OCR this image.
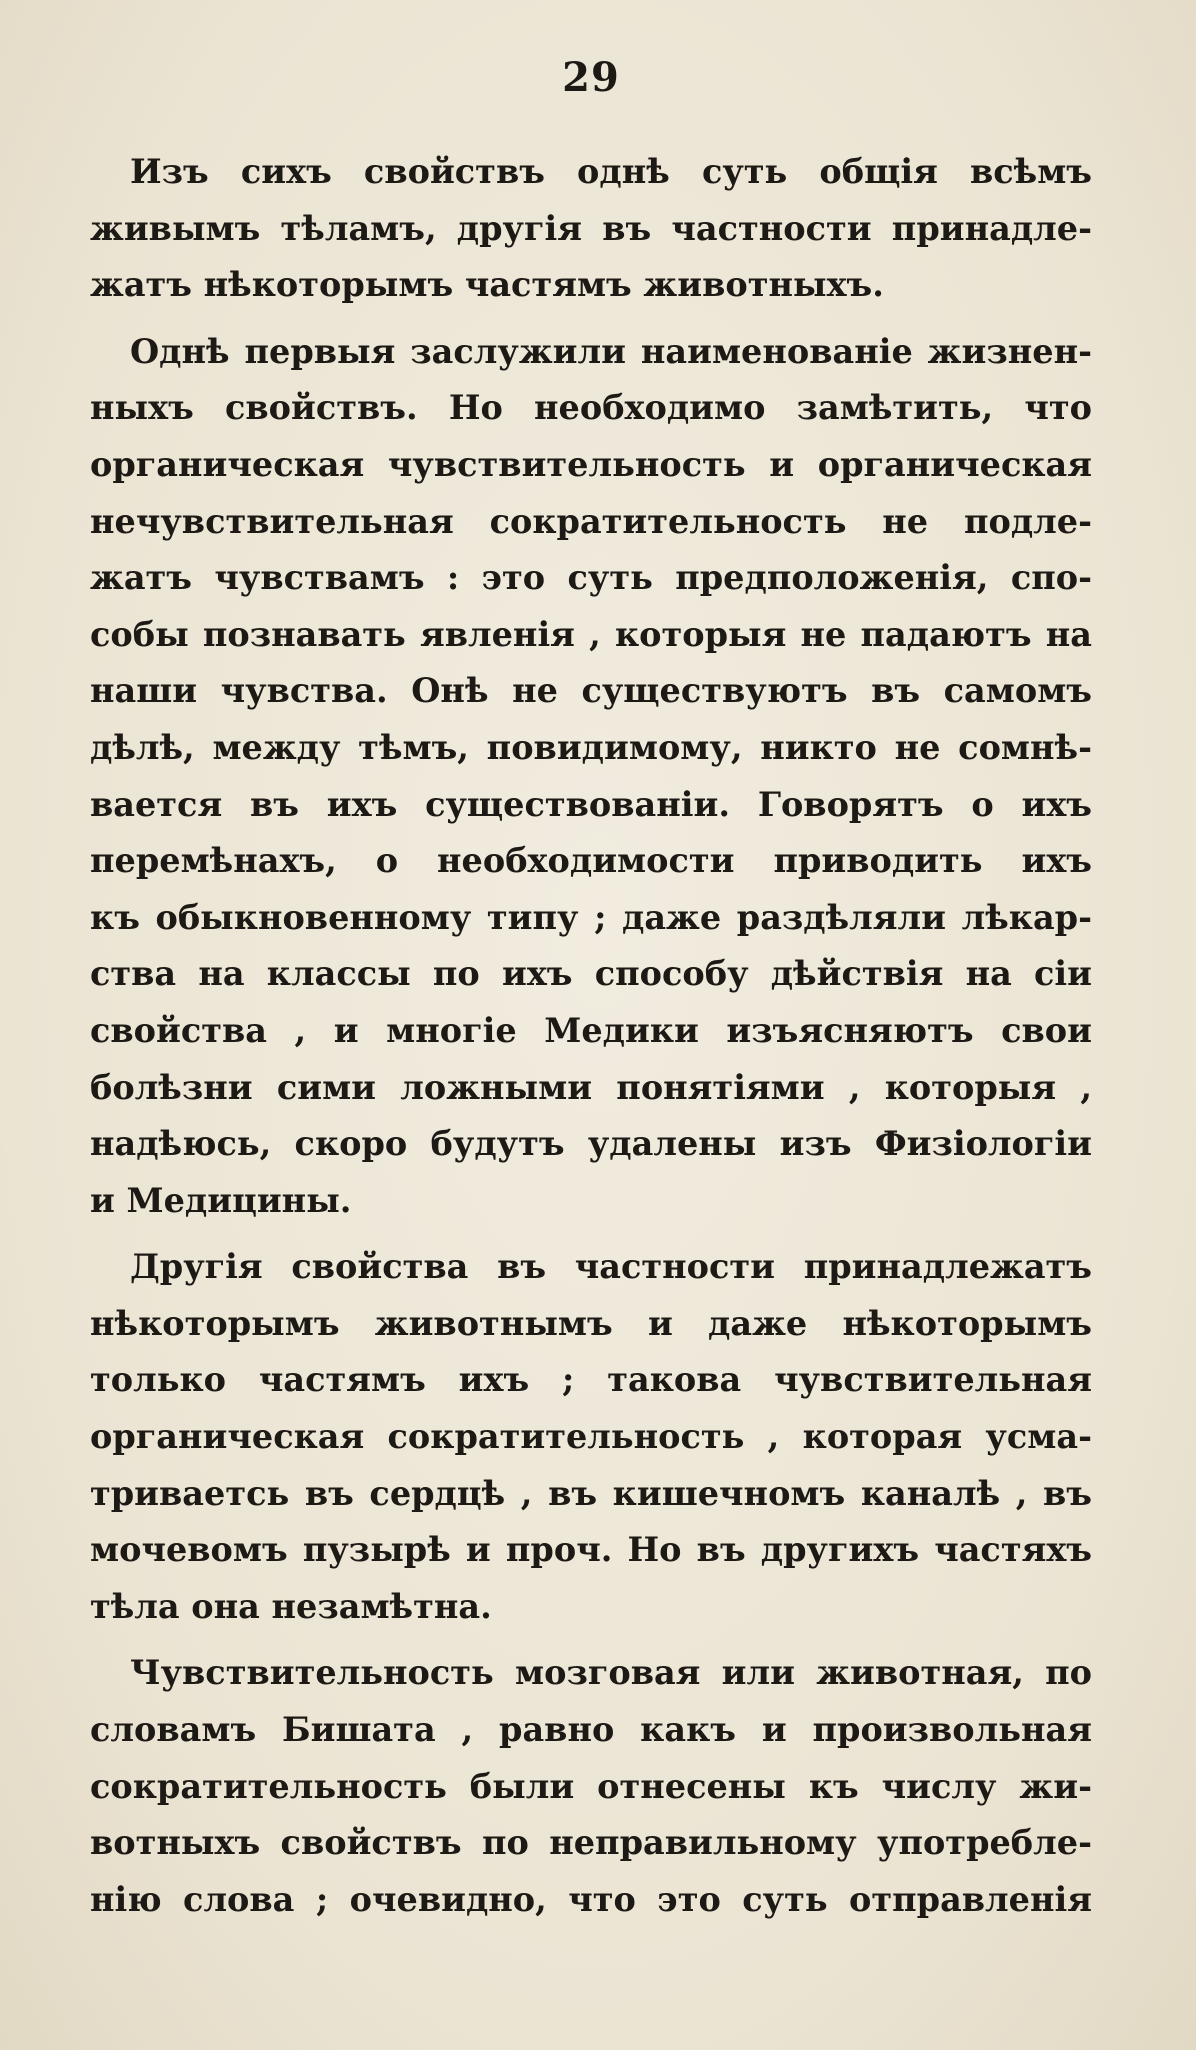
29
Изъ сихъ свойствъ однѣ суть общія всѣмъ
живымъ тѣламъ, другія въ частности принадле-
жатъ нѣкоторымъ частямъ животныхъ.
Однѣ первыя заслужили наименованіе жизнен-
ныхъ свойствъ. Но необходимо замѣтить, что
органическая чувствительность и органическая
нечувствительная сократительность не подле-
жатъ чувствамъ : это суть предположенія, спо-
собы познавать явленія , которыя не падаютъ на
наши чувства. Онѣ не существуютъ въ самомъ
дѣлѣ, между тѣмъ, повидимому, никто не сомнѣ-
вается въ ихъ существованіи. Говорятъ о ихъ
перемѣнахъ, о необходимости приводить ихъ
къ обыкновенному типу ; даже раздѣляли лѣкар-
ства на классы по ихъ способу дѣйствія на сіи
свойства , и многіе Медики изъясняютъ свои
болѣзни сими ложными понятіями , которыя ,
надѣюсь, скоро будутъ удалены изъ Физіологіи
и Медицины.
Другія свойства въ частности принадлежатъ
нѣкоторымъ животнымъ и даже нѣкоторымъ
только частямъ ихъ ; такова чувствительная
органическая сократительность , которая усма-
триваетсь въ сердцѣ , въ кишечномъ каналѣ , въ
мочевомъ пузырѣ и проч. Но въ другихъ частяхъ
тѣла она незамѣтна.
Чувствительность мозговая или животная, по
словамъ Бишата , равно какъ и произвольная
сократительность были отнесены къ числу жи-
вотныхъ свойствъ по неправильному употребле-
нію слова ; очевидно, что это суть отправленія
